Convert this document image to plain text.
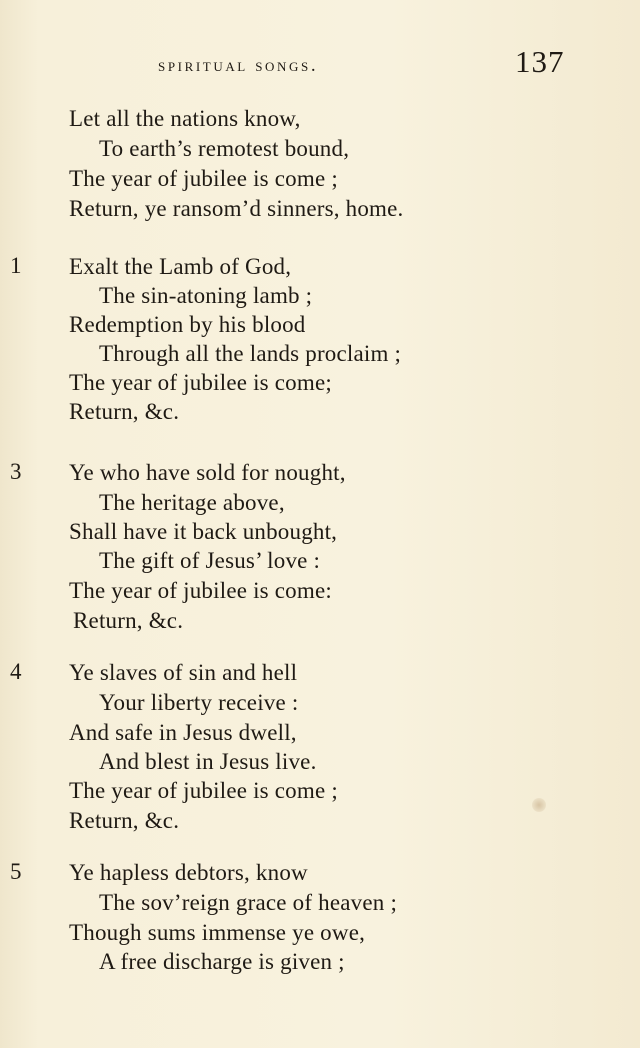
spiritual songs.	137
Let all the nations know,
To earth’s remotest bound,
The year of jubilee is come ;
Return, ye ransom’d sinners, home.
1 Exalt the Lamb of God,
The sin-atoning lamb ;
Redemption by his blood
Through all the lands proclaim ;
The year of jubilee is come;
Return, &c.
3 Ye who have sold for nought,
The heritage above,
Shall have it back unbought,
The gift of Jesus’ love :
The year of jubilee is come:
Return, &c.
4 Ye slaves of sin and hell
Your liberty receive :
And safe in Jesus dwell,
And blest in Jesus live.
The year of jubilee is come ;
Return, &c.
5 Ye hapless debtors, know
The sov’reign grace of heaven ;
Though sums immense ye owe,
A free discharge is given ;
